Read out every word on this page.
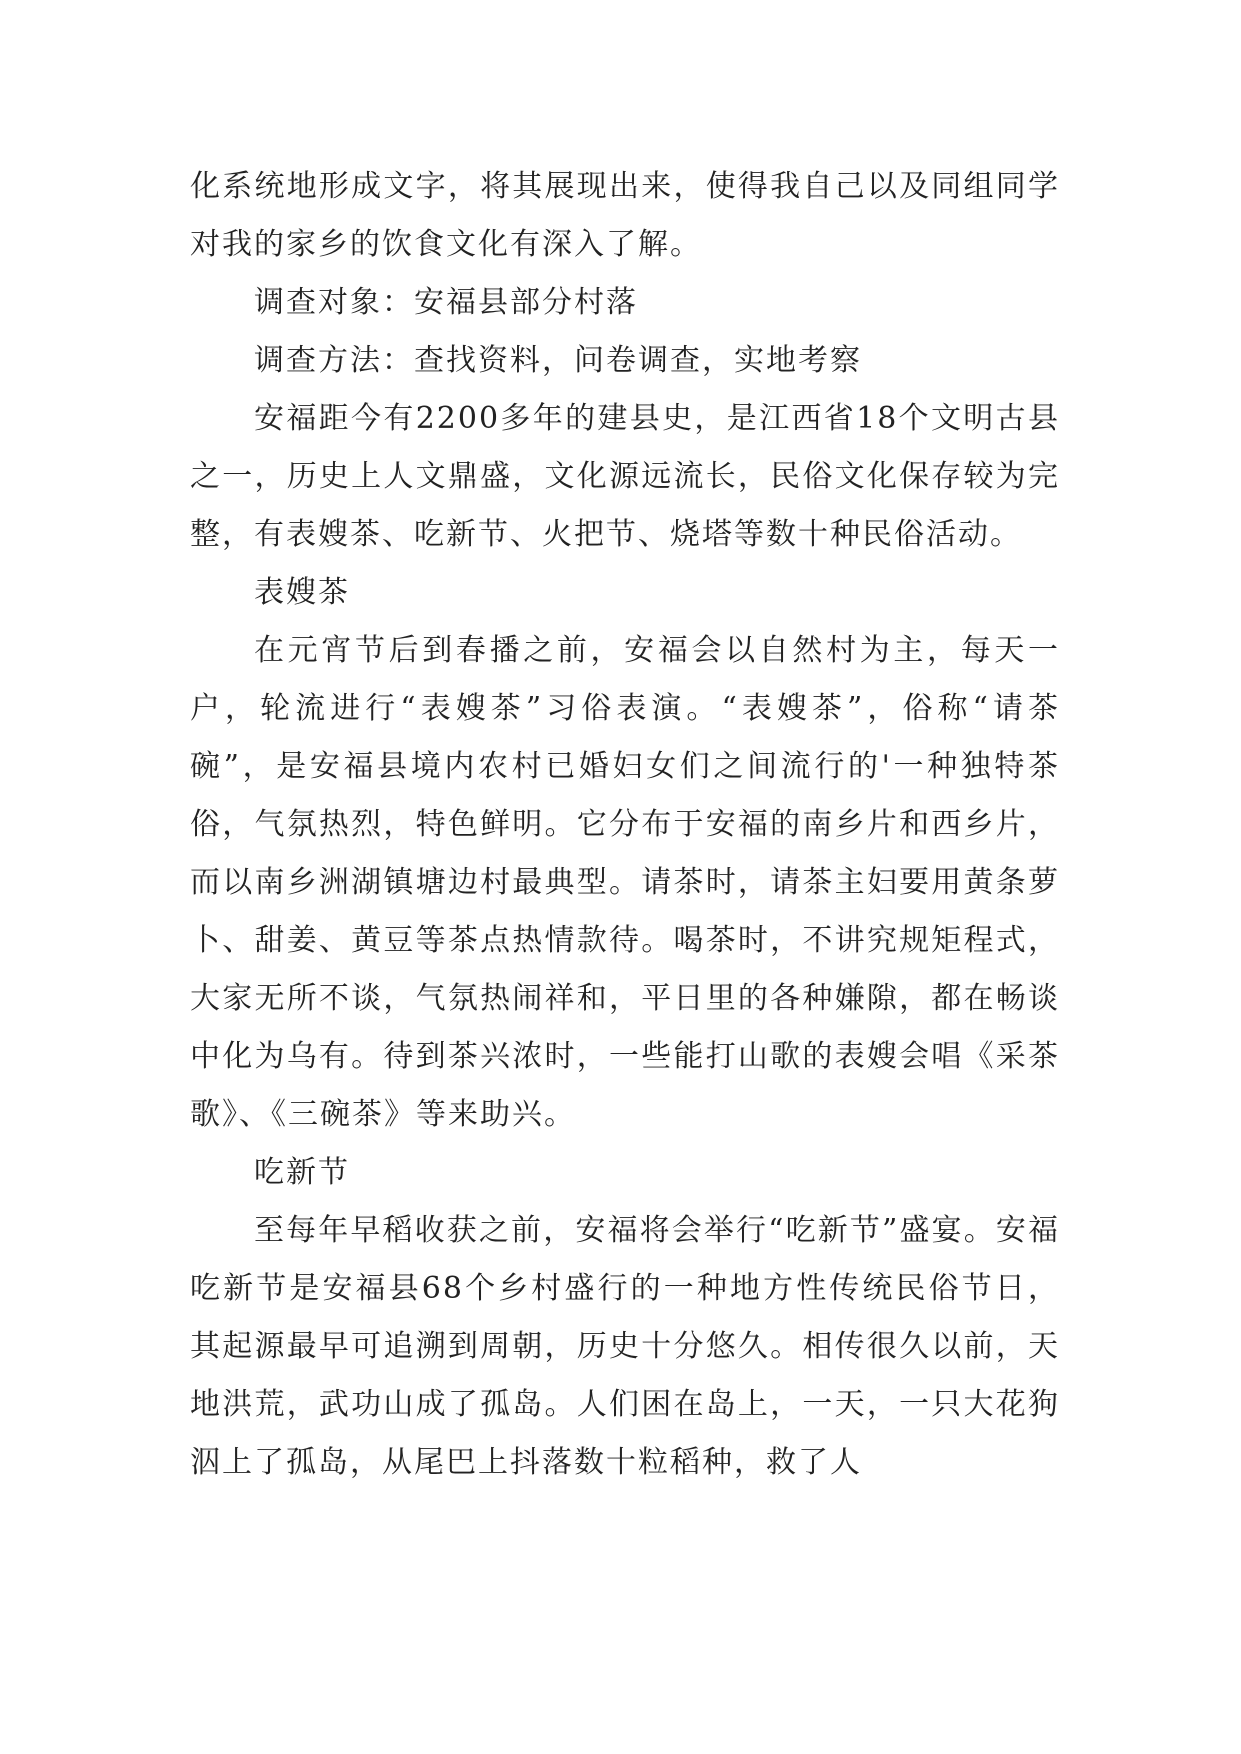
化系统地形成文字，将其展现出来，使得我自己以及同组同学对我的家乡的饮食文化有深入了解。

调查对象：安福县部分村落

调查方法：查找资料，问卷调查，实地考察

安福距今有2200多年的建县史，是江西省18个文明古县之一，历史上人文鼎盛，文化源远流长，民俗文化保存较为完整，有表嫂茶、吃新节、火把节、烧塔等数十种民俗活动。

表嫂茶

在元宵节后到春播之前，安福会以自然村为主，每天一户，轮流进行“表嫂茶”习俗表演。“表嫂茶”，俗称“请茶碗”，是安福县境内农村已婚妇女们之间流行的'一种独特茶俗，气氛热烈，特色鲜明。它分布于安福的南乡片和西乡片，而以南乡洲湖镇塘边村最典型。请茶时，请茶主妇要用黄条萝卜、甜姜、黄豆等茶点热情款待。喝茶时，不讲究规矩程式，大家无所不谈，气氛热闹祥和，平日里的各种嫌隙，都在畅谈中化为乌有。待到茶兴浓时，一些能打山歌的表嫂会唱《采茶歌》、《三碗茶》等来助兴。

吃新节

至每年早稻收获之前，安福将会举行“吃新节”盛宴。安福吃新节是安福县68个乡村盛行的一种地方性传统民俗节日，其起源最早可追溯到周朝，历史十分悠久。相传很久以前，天地洪荒，武功山成了孤岛。人们困在岛上，一天，一只大花狗泅上了孤岛，从尾巴上抖落数十粒稻种，救了人
